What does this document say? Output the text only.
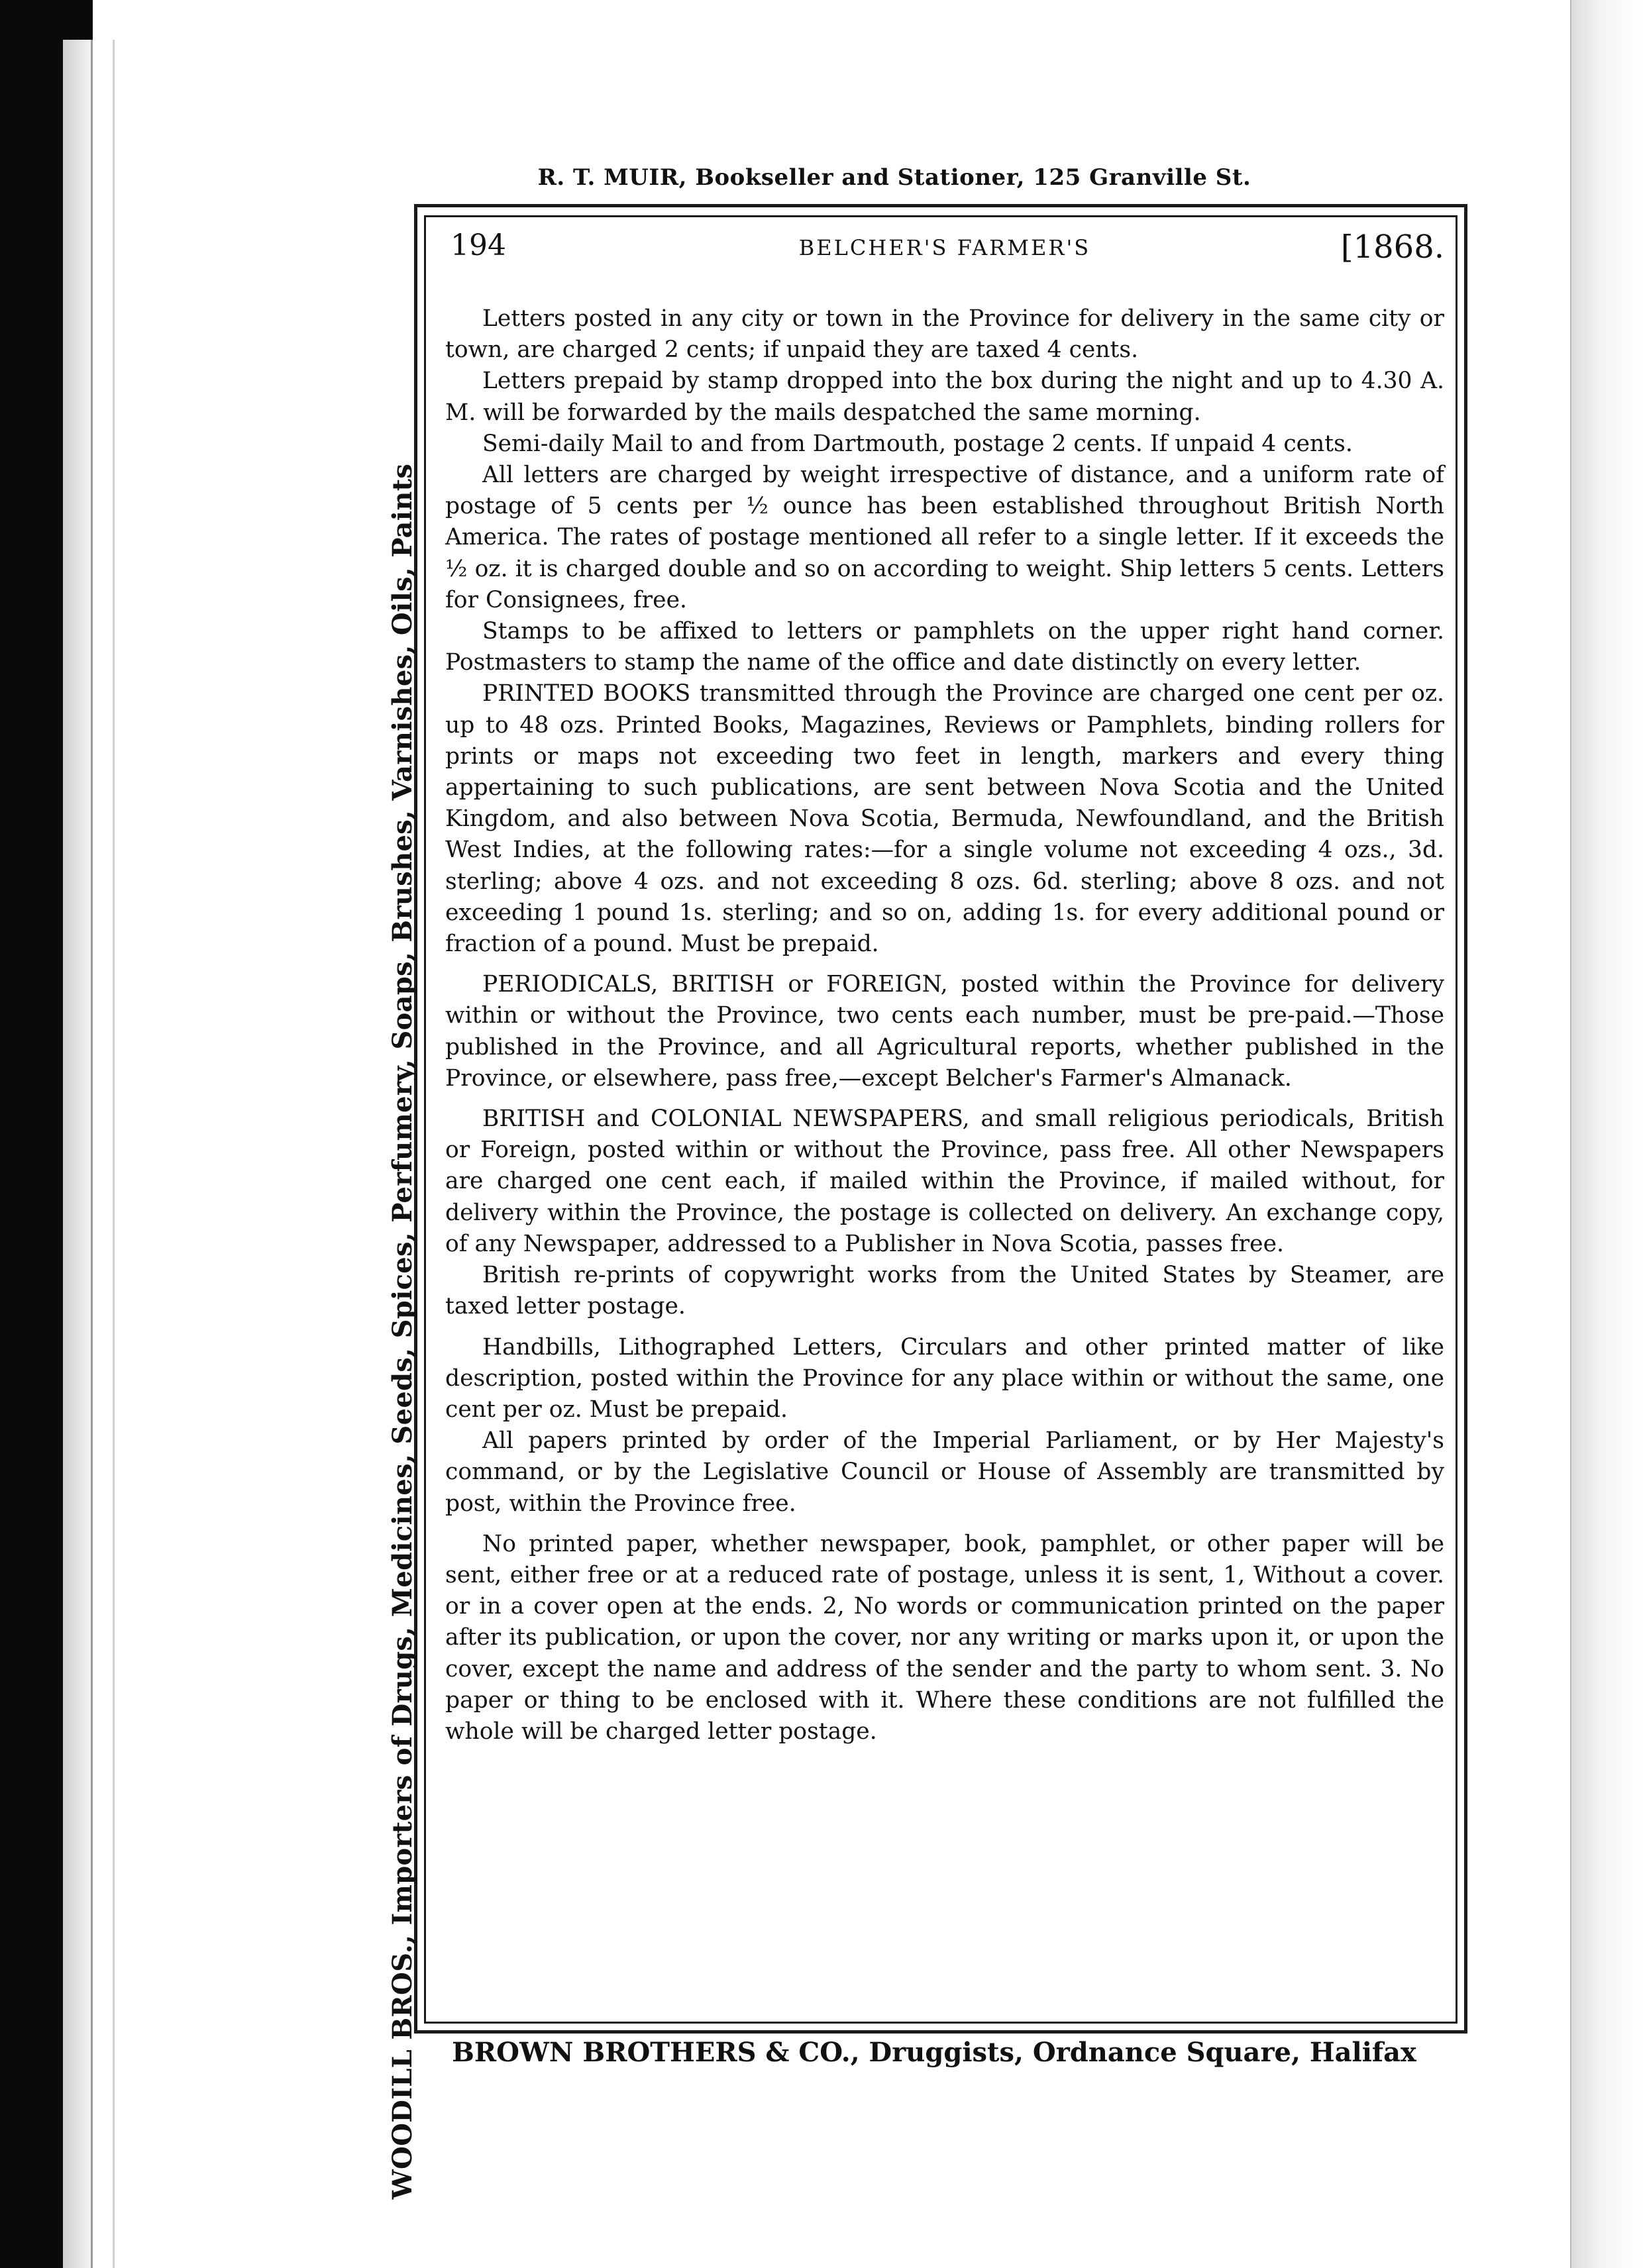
R. T. MUIR, Bookseller and Stationer, 125 Granville St.
WOODILL BROS., Importers of Drugs, Medicines, Seeds, Spices, Perfumery, Soaps, Brushes, Varnishes, Oils, Paints
194	BELCHER'S FARMER'S	[1868.

Letters posted in any city or town in the Province for delivery in the same city or town, are charged 2 cents; if unpaid they are taxed 4 cents.

Letters prepaid by stamp dropped into the box during the night and up to 4.30 A. M. will be forwarded by the mails despatched the same morning.

Semi-daily Mail to and from Dartmouth, postage 2 cents. If unpaid 4 cents.

All letters are charged by weight irrespective of distance, and a uniform rate of postage of 5 cents per ½ ounce has been established throughout British North America. The rates of postage mentioned all refer to a single letter. If it exceeds the ½ oz. it is charged double and so on according to weight. Ship letters 5 cents. Letters for Consignees, free.

Stamps to be affixed to letters or pamphlets on the upper right hand corner. Postmasters to stamp the name of the office and date distinctly on every letter.

PRINTED BOOKS transmitted through the Province are charged one cent per oz. up to 48 ozs. Printed Books, Magazines, Reviews or Pamphlets, binding rollers for prints or maps not exceeding two feet in length, markers and every thing appertaining to such publications, are sent between Nova Scotia and the United Kingdom, and also between Nova Scotia, Bermuda, Newfoundland, and the British West Indies, at the following rates:—for a single volume not exceeding 4 ozs., 3d. sterling; above 4 ozs. and not exceeding 8 ozs. 6d. sterling; above 8 ozs. and not exceeding 1 pound 1s. sterling; and so on, adding 1s. for every additional pound or fraction of a pound. Must be prepaid.

PERIODICALS, BRITISH or FOREIGN, posted within the Province for delivery within or without the Province, two cents each number, must be pre-paid.—Those published in the Province, and all Agricultural reports, whether published in the Province, or elsewhere, pass free,—except Belcher's Farmer's Almanack.

BRITISH and COLONIAL NEWSPAPERS, and small religious periodicals, British or Foreign, posted within or without the Province, pass free. All other Newspapers are charged one cent each, if mailed within the Province, if mailed without, for delivery within the Province, the postage is collected on delivery. An exchange copy, of any Newspaper, addressed to a Publisher in Nova Scotia, passes free.

British re-prints of copywright works from the United States by Steamer, are taxed letter postage.

Handbills, Lithographed Letters, Circulars and other printed matter of like description, posted within the Province for any place within or without the same, one cent per oz. Must be prepaid.

All papers printed by order of the Imperial Parliament, or by Her Majesty's command, or by the Legislative Council or House of Assembly are transmitted by post, within the Province free.

No printed paper, whether newspaper, book, pamphlet, or other paper will be sent, either free or at a reduced rate of postage, unless it is sent, 1, Without a cover. or in a cover open at the ends. 2, No words or communication printed on the paper after its publication, or upon the cover, nor any writing or marks upon it, or upon the cover, except the name and address of the sender and the party to whom sent. 3. No paper or thing to be enclosed with it. Where these conditions are not fulfilled the whole will be charged letter postage.

BROWN BROTHERS & CO., Druggists, Ordnance Square, Halifax
